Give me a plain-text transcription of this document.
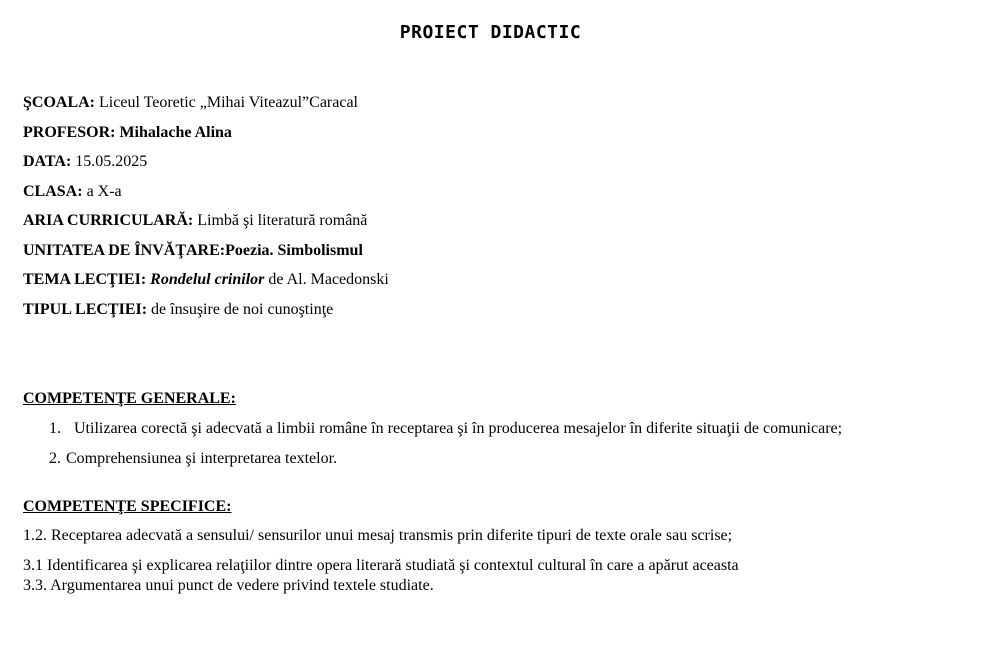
PROIECT DIDACTIC
ŞCOALA: Liceul Teoretic „Mihai Viteazul”Caracal
PROFESOR: Mihalache Alina
DATA: 15.05.2025
CLASA: a X-a
ARIA CURRICULARĂ: Limbă şi literatură română
UNITATEA DE ÎNVĂŢARE:Poezia. Simbolismul
TEMA LECŢIEI: Rondelul crinilor de Al. Macedonski
TIPUL LECŢIEI: de însuşire de noi cunoştinţe
COMPETENŢE GENERALE:
1. Utilizarea corectă şi adecvată a limbii române în receptarea şi în producerea mesajelor în diferite situaţii de comunicare;
2. Comprehensiunea şi interpretarea textelor.
COMPETENŢE SPECIFICE:
1.2. Receptarea adecvată a sensului/ sensurilor unui mesaj transmis prin diferite tipuri de texte orale sau scrise;
3.1 Identificarea şi explicarea relaţiilor dintre opera literară studiată şi contextul cultural în care a apărut aceasta
3.3. Argumentarea unui punct de vedere privind textele studiate.
